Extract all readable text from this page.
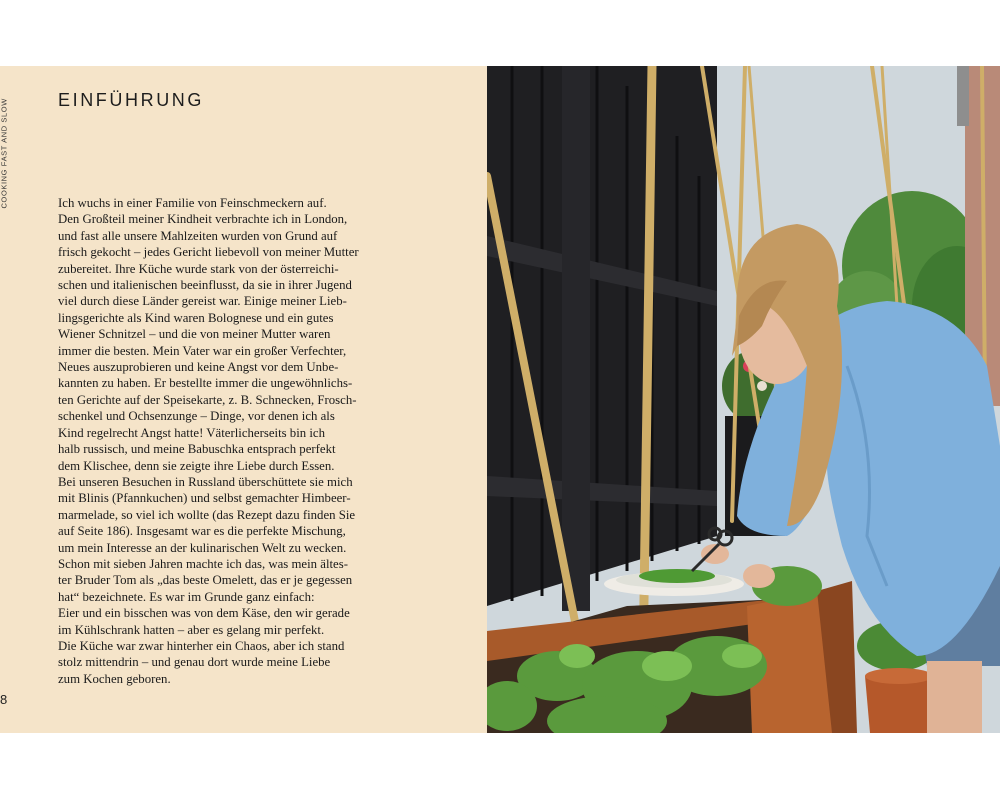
COOKING FAST AND SLOW	EINFÜHRUNG

Ich wuchs in einer Familie von Feinschmeckern auf.
Den Großteil meiner Kindheit verbrachte ich in London,
und fast alle unsere Mahlzeiten wurden von Grund auf
frisch gekocht – jedes Gericht liebevoll von meiner Mutter
zubereitet. Ihre Küche wurde stark von der österreichi-
schen und italienischen beeinflusst, da sie in ihrer Jugend
viel durch diese Länder gereist war. Einige meiner Lieb-
lingsgerichte als Kind waren Bolognese und ein gutes
Wiener Schnitzel – und die von meiner Mutter waren
immer die besten. Mein Vater war ein großer Verfechter,
Neues auszuprobieren und keine Angst vor dem Unbe-
kannten zu haben. Er bestellte immer die ungewöhnlichs-
ten Gerichte auf der Speisekarte, z. B. Schnecken, Frosch-
schenkel und Ochsenzunge – Dinge, vor denen ich als
Kind regelrecht Angst hatte! Väterlicherseits bin ich
halb russisch, und meine Babuschka entsprach perfekt
dem Klischee, denn sie zeigte ihre Liebe durch Essen.
Bei unseren Besuchen in Russland überschüttete sie mich
mit Blinis (Pfannkuchen) und selbst gemachter Himbeer-
marmelade, so viel ich wollte (das Rezept dazu finden Sie
auf Seite 186). Insgesamt war es die perfekte Mischung,
um mein Interesse an der kulinarischen Welt zu wecken.
Schon mit sieben Jahren machte ich das, was mein ältes-
ter Bruder Tom als „das beste Omelett, das er je gegessen
hat“ bezeichnete. Es war im Grunde ganz einfach:
Eier und ein bisschen was von dem Käse, den wir gerade
im Kühlschrank hatten – aber es gelang mir perfekt.
Die Küche war zwar hinterher ein Chaos, aber ich stand
stolz mittendrin – und genau dort wurde meine Liebe
zum Kochen geboren.

8
